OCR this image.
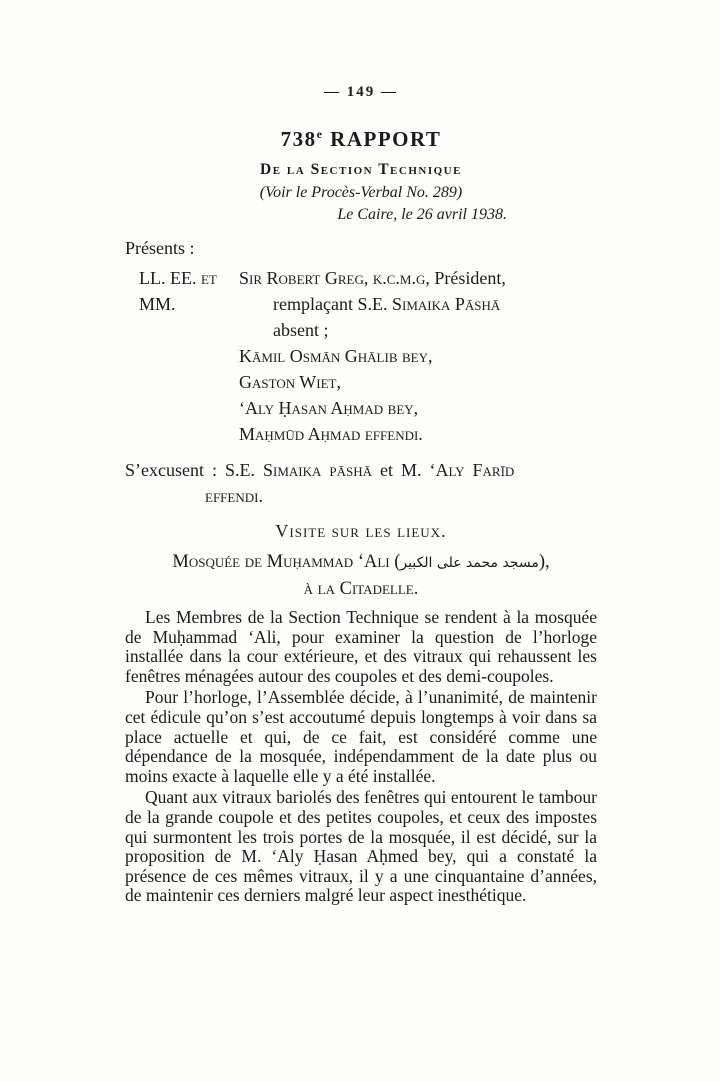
— 149 —
738e RAPPORT
De la Section Technique
(Voir le Procès-Verbal No. 289)
Le Caire, le 26 avril 1938.
Présents :
LL. EE. et MM.
Sir Robert Greg, k.c.m.g, Président,
remplaçant S.E. Simaika Pāshā
absent ;
Kāmil Osmān Ghālib bey,
Gaston Wiet,
‘Aly Ḥasan Aḥmad bey,
Maḥmūd Aḥmad effendi.
S’excusent : S.E. Simaika pāshā et M. ‘Aly Farīd
effendi.
Visite sur les lieux.
Mosquée de Muḥammad ‘Ali (مسجد محمد على الكبير),
à la Citadelle.

Les Membres de la Section Technique se rendent à la mosquée de Muḥammad ‘Ali, pour examiner la question de l’horloge installée dans la cour extérieure, et des vitraux qui rehaussent les fenêtres ménagées autour des coupoles et des demi-coupoles.

Pour l’horloge, l’Assemblée décide, à l’unanimité, de maintenir cet édicule qu’on s’est accoutumé depuis longtemps à voir dans sa place actuelle et qui, de ce fait, est considéré comme une dépendance de la mosquée, indépendamment de la date plus ou moins exacte à laquelle elle y a été installée.

Quant aux vitraux bariolés des fenêtres qui entourent le tambour de la grande coupole et des petites coupoles, et ceux des impostes qui surmontent les trois portes de la mosquée, il est décidé, sur la proposition de M. ‘Aly Ḥasan Aḥmed bey, qui a constaté la présence de ces mêmes vitraux, il y a une cinquantaine d’années, de maintenir ces derniers malgré leur aspect inesthétique.
